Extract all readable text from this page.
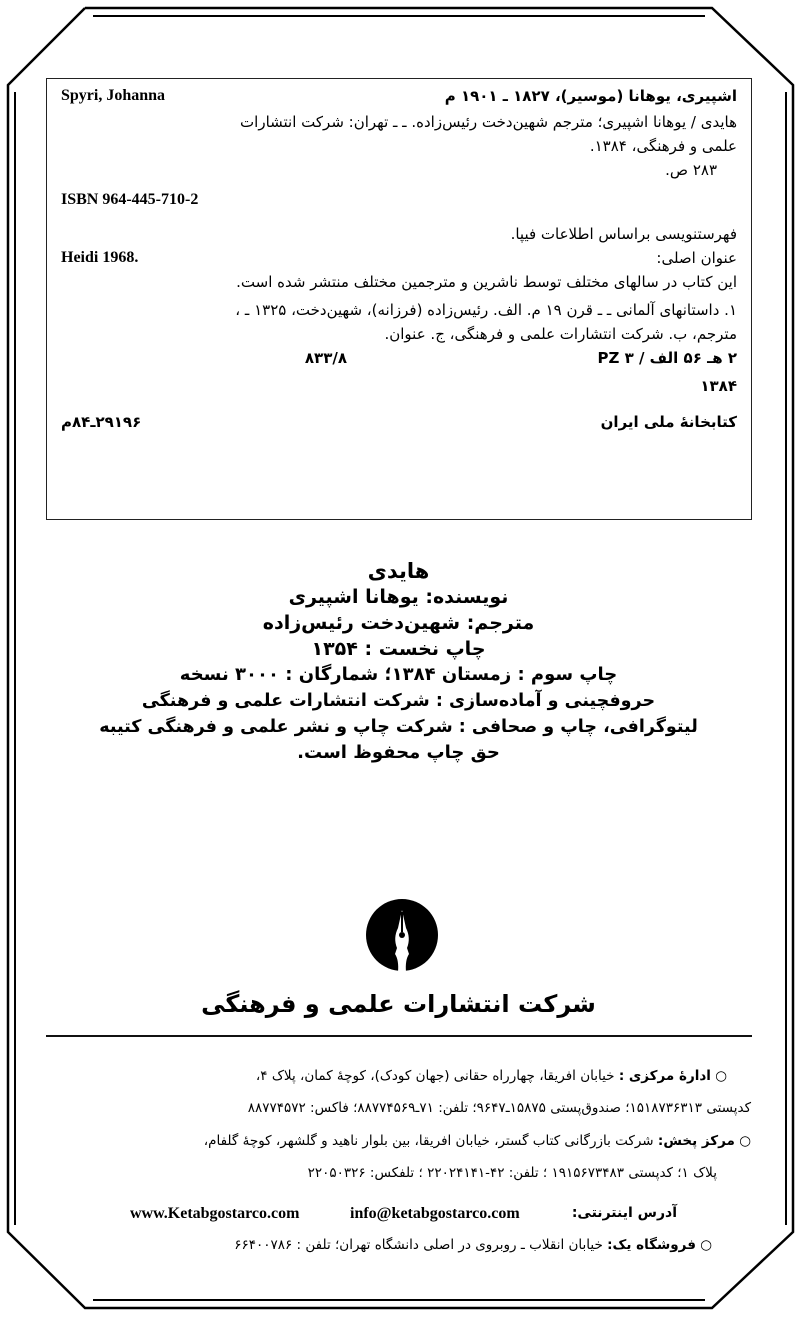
Spyri, Johanna	اشپیری، یوهانا (موسیر)، ۱۸۲۷ ـ ۱۹۰۱ م
هایدی / یوهانا اشپیری؛ مترجم شهین‌دخت رئیس‌زاده. ـ ـ تهران: شرکت انتشارات
علمی و فرهنگی، ۱۳۸۴.
۲۸۳ ص.
ISBN 964-445-710-2
فهرستنویسی براساس اطلاعات فیپا.
Heidi 1968.	عنوان اصلی:
این کتاب در سالهای مختلف توسط ناشرین و مترجمین مختلف منتشر شده است.
۱. داستانهای آلمانی ـ ـ قرن ۱۹ م. الف. رئیس‌زاده (فرزانه)، شهین‌دخت، ۱۳۲۵ ـ ،
مترجم، ب. شرکت انتشارات علمی و فرهنگی، ج. عنوان.
۲ هـ ۵۶ الف / ۳ PZ
۸۳۳/۸
۱۳۸۴
۲۹۱۹۶ـ۸۴م	کتابخانهٔ ملی ایران
هایدی
نویسنده: یوهانا اشپیری
مترجم: شهین‌دخت رئیس‌زاده
چاپ نخست : ۱۳۵۴
چاپ سوم : زمستان ۱۳۸۴؛ شمارگان : ۳۰۰۰ نسخه
حروفچینی و آماده‌سازی : شرکت انتشارات علمی و فرهنگی
لیتوگرافی، چاپ و صحافی : شرکت چاپ و نشر علمی و فرهنگی کتیبه
حق چاپ محفوظ است.
شرکت انتشارات علمی و فرهنگی
○ ادارهٔ مرکزی : خیابان افریقا، چهارراه حقانی (جهان کودک)، کوچهٔ کمان، پلاک ۴،
کدپستی ۱۵۱۸۷۳۶۳۱۳؛ صندوق‌پستی ۱۵۸۷۵ـ۹۶۴۷؛ تلفن: ۷۱ـ۸۸۷۷۴۵۶۹؛ فاکس: ۸۸۷۷۴۵۷۲
○ مرکز پخش: شرکت بازرگانی کتاب گستر، خیابان افریقا، بین بلوار ناهید و گلشهر، کوچهٔ گلفام،
پلاک ۱؛ کدپستی ۱۹۱۵۶۷۳۴۸۳ ؛ تلفن: ۴۲-۲۲۰۲۴۱۴۱ ؛ تلفکس: ۲۲۰۵۰۳۲۶
آدرس اینترنتی:
info@ketabgostarco.com
www.Ketabgostarco.com
○ فروشگاه یک: خیابان انقلاب ـ روبروی در اصلی دانشگاه تهران؛ تلفن : ۶۶۴۰۰۷۸۶
